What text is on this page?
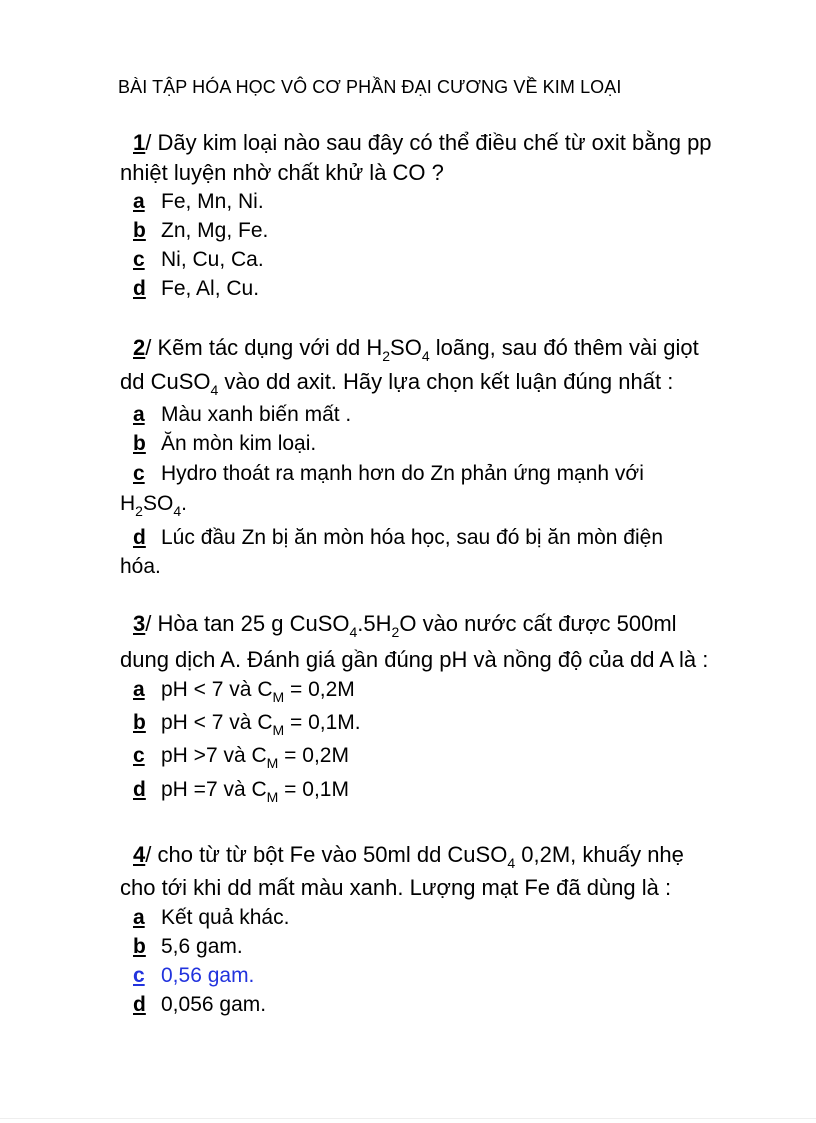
BÀI TẬP HÓA HỌC VÔ CƠ PHẦN ĐẠI CƯƠNG VỀ KIM LOẠI
1/ Dãy kim loại nào sau đây có thể điều chế từ oxit bằng pp
nhiệt luyện nhờ chất khử là CO ?
a Fe, Mn, Ni.
b Zn, Mg, Fe.
c Ni, Cu, Ca.
d Fe, Al, Cu.
2/ Kẽm tác dụng với dd $H_2SO_4$ loãng, sau đó thêm vài giọt
dd CuSO$_4$ vào dd axit. Hãy lựa chọn kết luận đúng nhất :
a Màu xanh biến mất .
b Ăn mòn kim loại.
c Hydro thoát ra mạnh hơn do Zn phản ứng mạnh với
$H_2SO_4$.
d Lúc đầu Zn bị ăn mòn hóa học, sau đó bị ăn mòn điện
hóa.
3/ Hòa tan 25 g $CuSO_4.5H_2O$ vào nước cất được 500ml
dung dịch A. Đánh giá gần đúng pH và nồng độ của dd A là :
a pH < 7 và $C_M = 0,2M$
b pH < 7 và $C_M = 0,1M$.
c pH >7 và $C_M = 0,2M$
d pH =7 và $C_M = 0,1M$
4/ cho từ từ bột Fe vào 50ml dd CuSO$_4$ 0,2M, khuấy nhẹ
cho tới khi dd mất màu xanh. Lượng mạt Fe đã dùng là :
a Kết quả khác.
b 5,6 gam.
c 0,56 gam.
d 0,056 gam.
